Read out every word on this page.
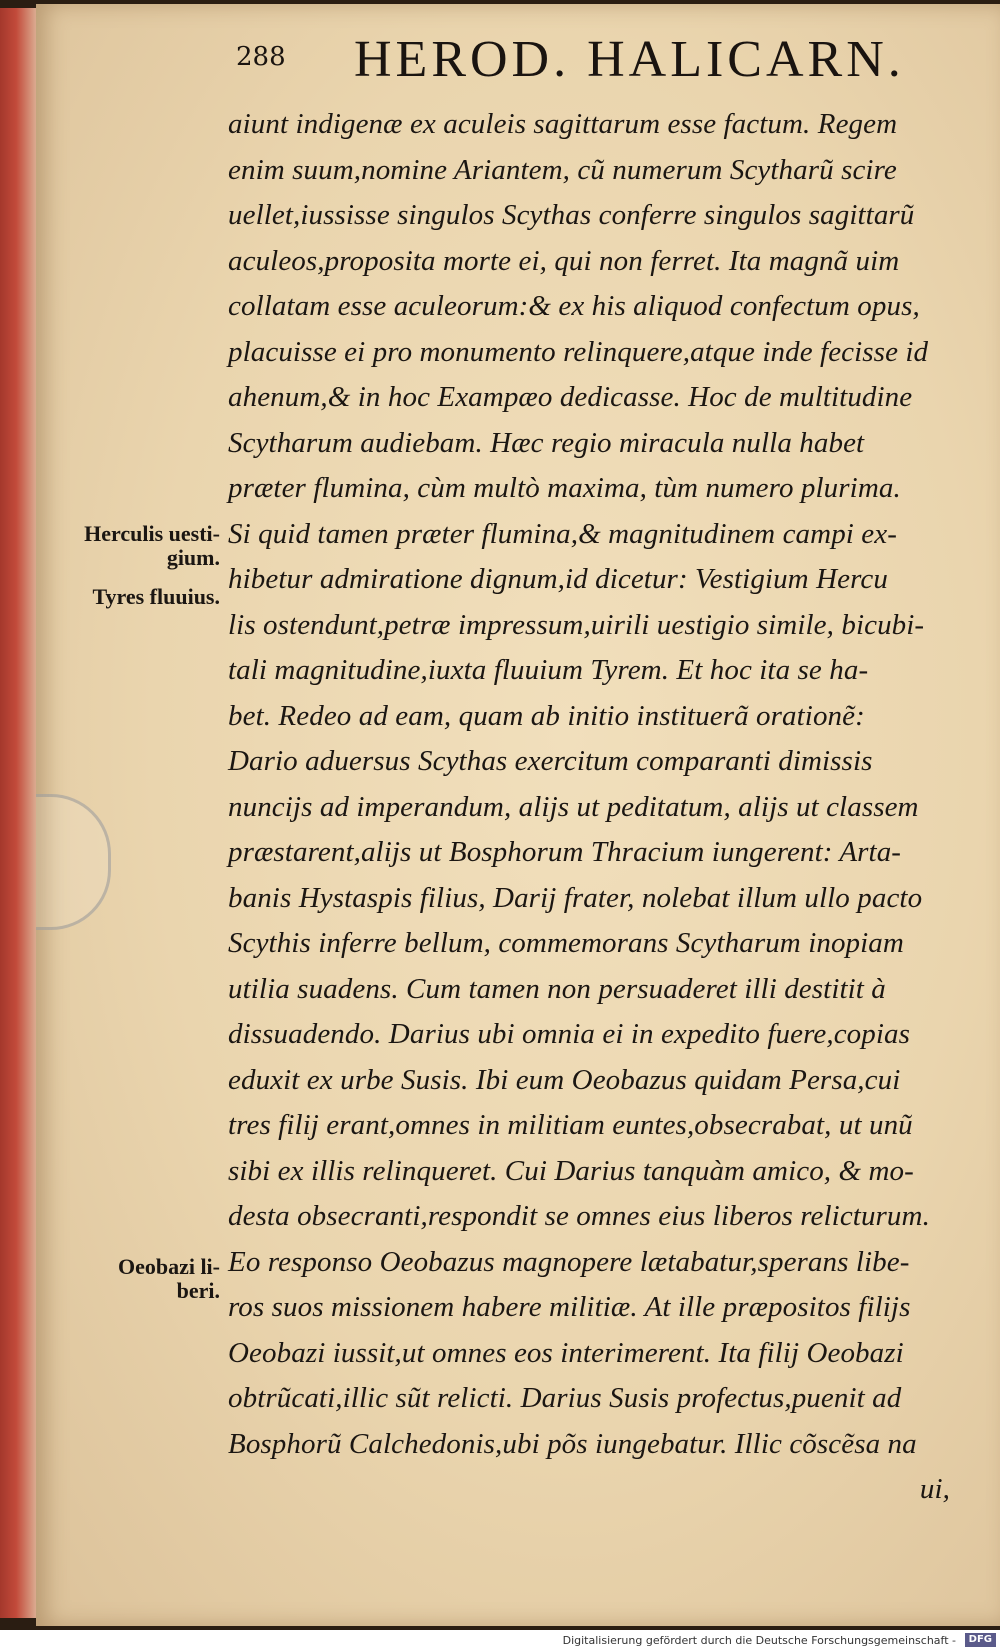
288 HEROD. HALICARN.
Herculis uesti-
gium.
Tyres fluuius.
Oeobazi li-
beri.
aiunt indigenæ ex aculeis sagittarum esse factum. Regem
enim suum,nomine Ariantem, cũ numerum Scytharũ scire
uellet,iussisse singulos Scythas conferre singulos sagittarũ
aculeos,proposita morte ei, qui non ferret. Ita magnã uim
collatam esse aculeorum:& ex his aliquod confectum opus,
placuisse ei pro monumento relinquere,atque inde fecisse id
ahenum,& in hoc Exampæo dedicasse. Hoc de multitudine
Scytharum audiebam. Hæc regio miracula nulla habet
præter flumina, cùm multò maxima, tùm numero plurima.
Si quid tamen præter flumina,& magnitudinem campi ex-
hibetur admiratione dignum,id dicetur: Vestigium Hercu
lis ostendunt,petræ impressum,uirili uestigio simile, bicubi-
tali magnitudine,iuxta fluuium Tyrem. Et hoc ita se ha-
bet. Redeo ad eam, quam ab initio instituerã orationẽ:
Dario aduersus Scythas exercitum comparanti dimissis
nuncijs ad imperandum, alijs ut peditatum, alijs ut classem
præstarent,alijs ut Bosphorum Thracium iungerent: Arta-
banis Hystaspis filius, Darij frater, nolebat illum ullo pacto
Scythis inferre bellum, commemorans Scytharum inopiam
utilia suadens. Cum tamen non persuaderet illi destitit à
dissuadendo. Darius ubi omnia ei in expedito fuere,copias
eduxit ex urbe Susis. Ibi eum Oeobazus quidam Persa,cui
tres filij erant,omnes in militiam euntes,obsecrabat, ut unũ
sibi ex illis relinqueret. Cui Darius tanquàm amico, & mo-
desta obsecranti,respondit se omnes eius liberos relicturum.
Eo responso Oeobazus magnopere lætabatur,sperans libe-
ros suos missionem habere militiæ. At ille præpositos filijs
Oeobazi iussit,ut omnes eos interimerent. Ita filij Oeobazi
obtrũcati,illic sũt relicti. Darius Susis profectus,puenit ad
Bosphorũ Calchedonis,ubi põs iungebatur. Illic cõscẽsa na
ui,
Digitalisierung gefördert durch die Deutsche Forschungsgemeinschaft -	DFG
